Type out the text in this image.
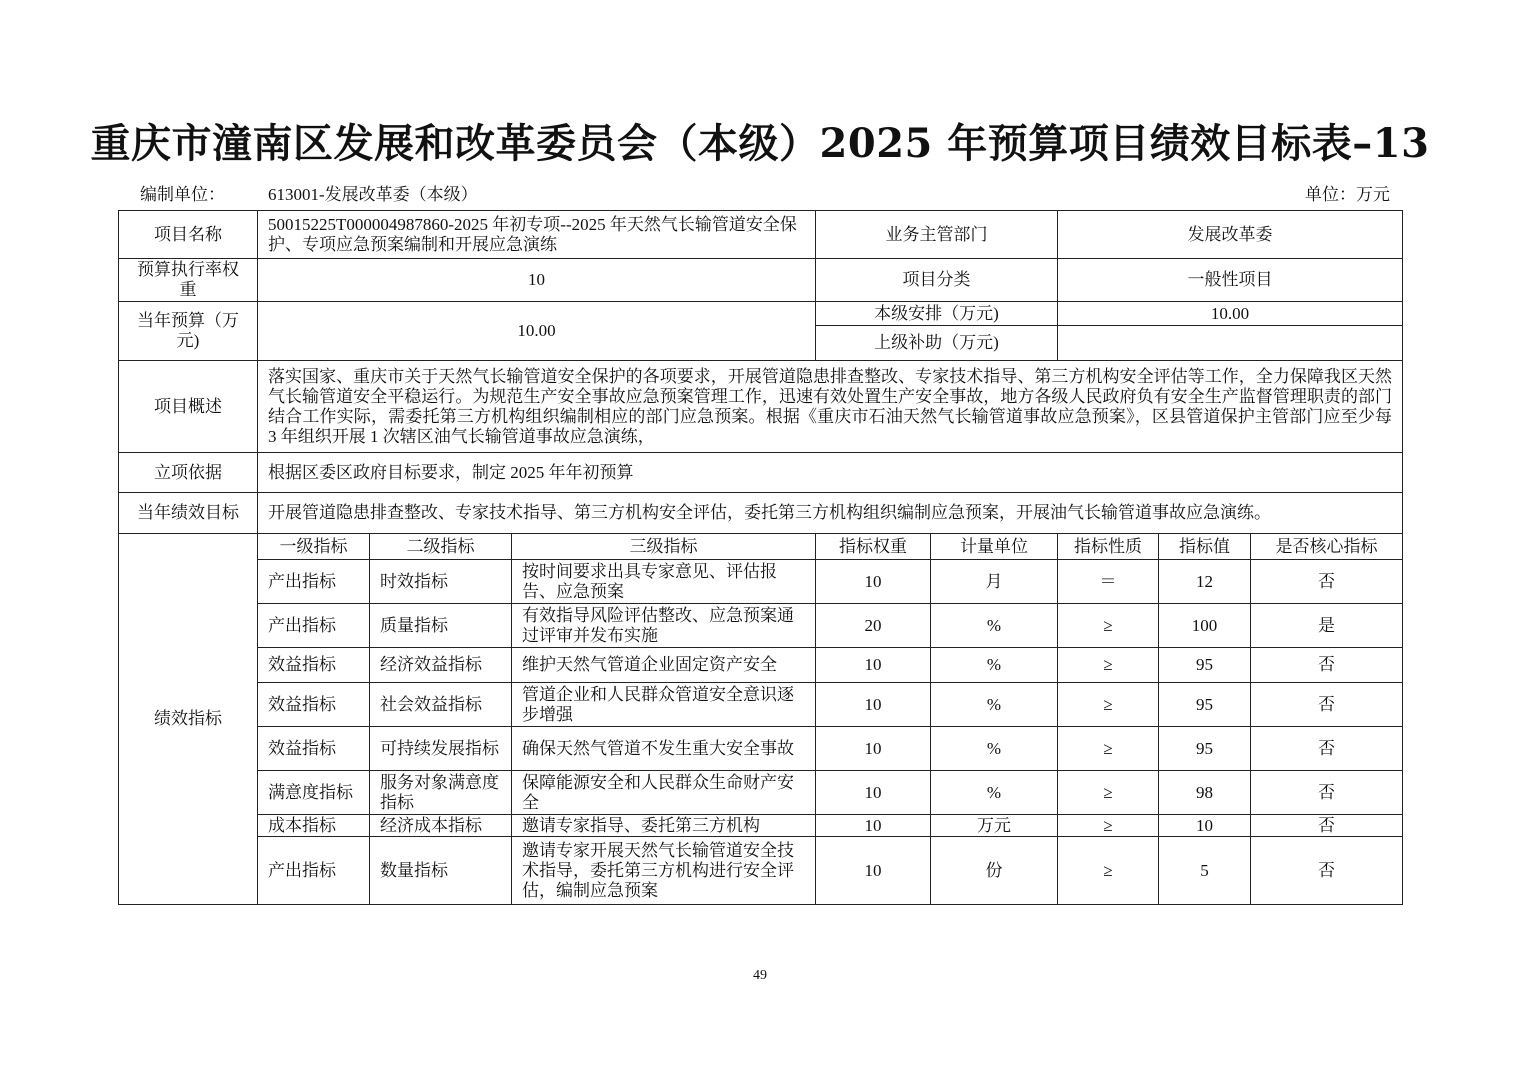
重庆市潼南区发展和改革委员会（本级）2025 年预算项目绩效目标表–13
编制单位：	613001-发展改革委（本级）	单位：万元
项目名称	50015225T000004987860-2025 年初专项--2025 年天然气长输管道安全保护、专项应急预案编制和开展应急演练			业务主管部门		发展改革委		
预算执行率权重	10			项目分类		一般性项目		
当年预算（万元)	10.00			本级安排（万元)		10.00		
				上级补助（万元)				
项目概述	落实国家、重庆市关于天然气长输管道安全保护的各项要求，开展管道隐患排查整改、专家技术指导、第三方机构安全评估等工作，全力保障我区天然气长输管道安全平稳运行。为规范生产安全事故应急预案管理工作，迅速有效处置生产安全事故，地方各级人民政府负有安全生产监督管理职责的部门结合工作实际，需委托第三方机构组织编制相应的部门应急预案。根据《重庆市石油天然气长输管道事故应急预案》，区县管道保护主管部门应至少每 3 年组织开展 1 次辖区油气长输管道事故应急演练，							
立项依据	根据区委区政府目标要求，制定 2025 年年初预算							
当年绩效目标	开展管道隐患排查整改、专家技术指导、第三方机构安全评估，委托第三方机构组织编制应急预案，开展油气长输管道事故应急演练。							
绩效指标	一级指标	二级指标	三级指标	指标权重	计量单位	指标性质	指标值	是否核心指标
	产出指标	时效指标	按时间要求出具专家意见、评估报告、应急预案	10	月	＝	12	否
	产出指标	质量指标	有效指导风险评估整改、应急预案通过评审并发布实施	20	%	≥	100	是
	效益指标	经济效益指标	维护天然气管道企业固定资产安全	10	%	≥	95	否
	效益指标	社会效益指标	管道企业和人民群众管道安全意识逐步增强	10	%	≥	95	否
	效益指标	可持续发展指标	确保天然气管道不发生重大安全事故	10	%	≥	95	否
	满意度指标	服务对象满意度指标	保障能源安全和人民群众生命财产安全	10	%	≥	98	否
	成本指标	经济成本指标	邀请专家指导、委托第三方机构	10	万元	≥	10	否
	产出指标	数量指标	邀请专家开展天然气长输管道安全技术指导，委托第三方机构进行安全评估，编制应急预案	10	份	≥	5	否
49
